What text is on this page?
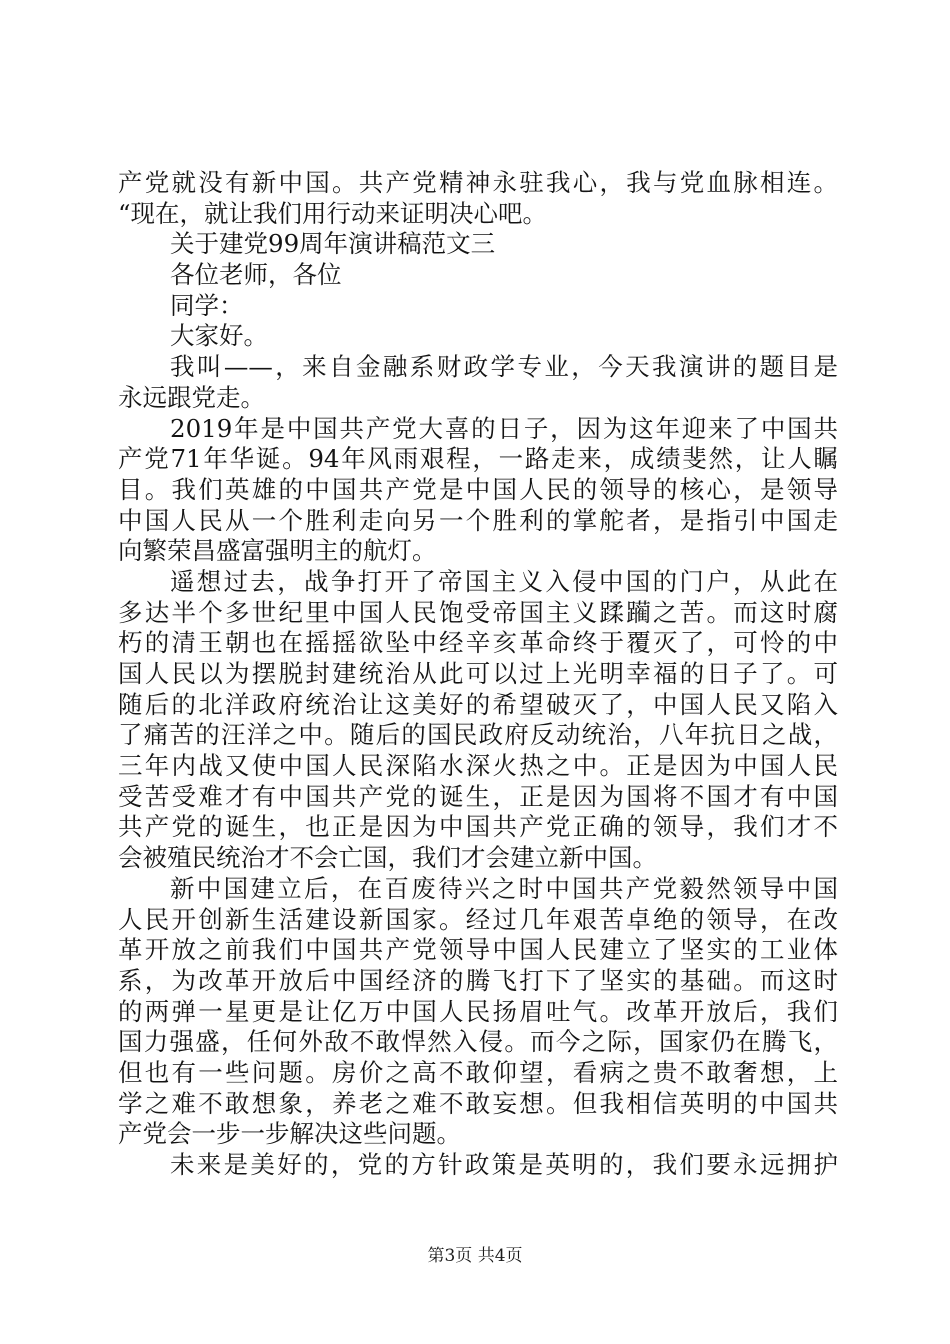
产党就没有新中国。共产党精神永驻我心，我与党血脉相连。
“现在，就让我们用行动来证明决心吧。
关于建党99周年演讲稿范文三
各位老师，各位
同学：
大家好。
我叫——，来自金融系财政学专业，今天我演讲的题目是
永远跟党走。
2019年是中国共产党大喜的日子，因为这年迎来了中国共
产党71年华诞。94年风雨艰程，一路走来，成绩斐然，让人瞩
目。我们英雄的中国共产党是中国人民的领导的核心，是领导
中国人民从一个胜利走向另一个胜利的掌舵者，是指引中国走
向繁荣昌盛富强明主的航灯。
遥想过去，战争打开了帝国主义入侵中国的门户，从此在
多达半个多世纪里中国人民饱受帝国主义蹂躏之苦。而这时腐
朽的清王朝也在摇摇欲坠中经辛亥革命终于覆灭了，可怜的中
国人民以为摆脱封建统治从此可以过上光明幸福的日子了。可
随后的北洋政府统治让这美好的希望破灭了，中国人民又陷入
了痛苦的汪洋之中。随后的国民政府反动统治，八年抗日之战，
三年内战又使中国人民深陷水深火热之中。正是因为中国人民
受苦受难才有中国共产党的诞生，正是因为国将不国才有中国
共产党的诞生，也正是因为中国共产党正确的领导，我们才不
会被殖民统治才不会亡国，我们才会建立新中国。
新中国建立后，在百废待兴之时中国共产党毅然领导中国
人民开创新生活建设新国家。经过几年艰苦卓绝的领导，在改
革开放之前我们中国共产党领导中国人民建立了坚实的工业体
系，为改革开放后中国经济的腾飞打下了坚实的基础。而这时
的两弹一星更是让亿万中国人民扬眉吐气。改革开放后，我们
国力强盛，任何外敌不敢悍然入侵。而今之际，国家仍在腾飞，
但也有一些问题。房价之高不敢仰望，看病之贵不敢奢想，上
学之难不敢想象，养老之难不敢妄想。但我相信英明的中国共
产党会一步一步解决这些问题。
未来是美好的，党的方针政策是英明的，我们要永远拥护
第3页 共4页
